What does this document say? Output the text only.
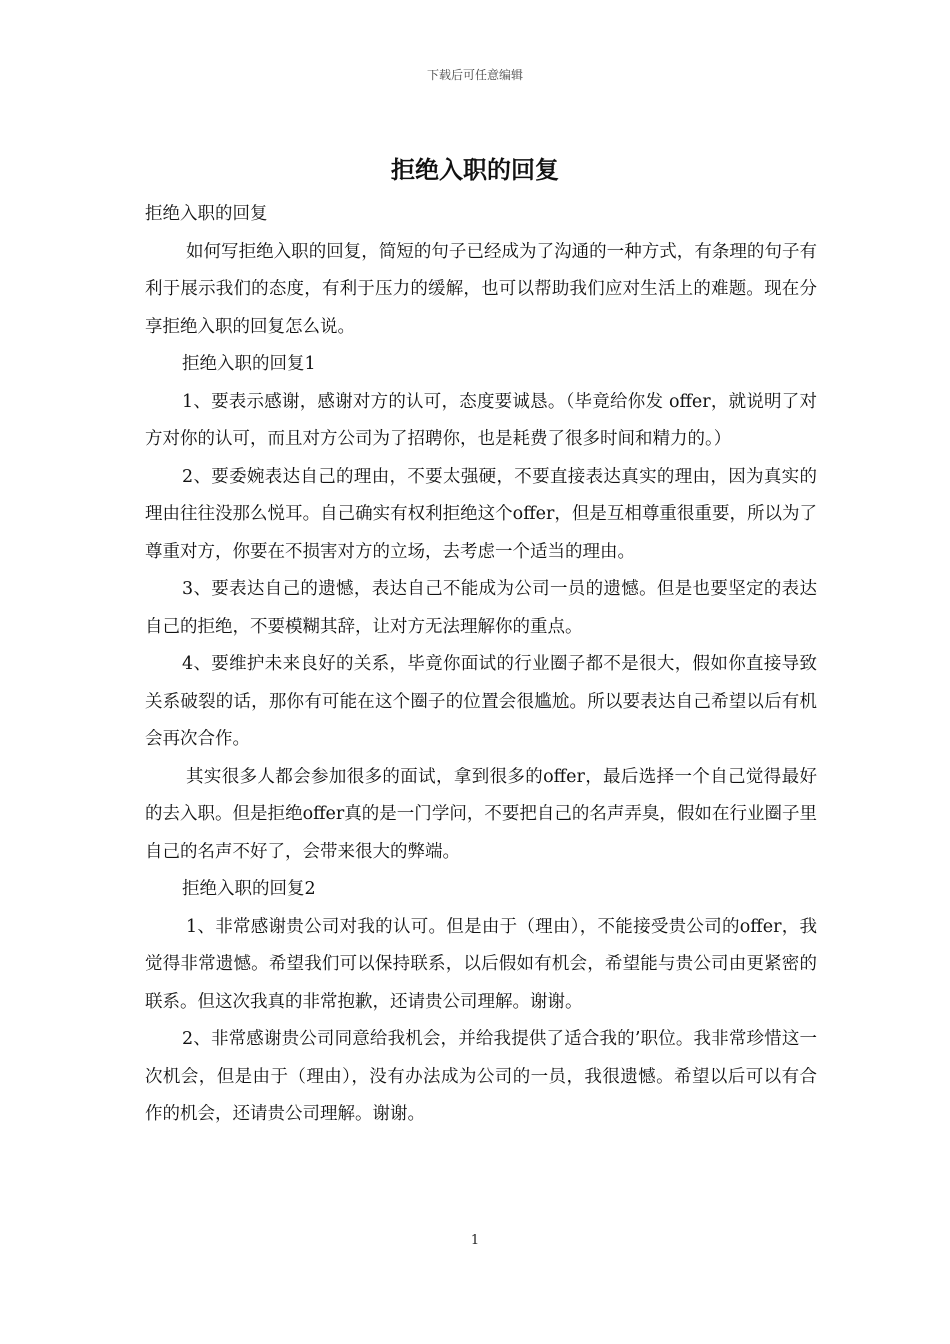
下载后可任意编辑
拒绝入职的回复

拒绝入职的回复

如何写拒绝入职的回复，简短的句子已经成为了沟通的一种方式，有条理的句子有利于展示我们的态度，有利于压力的缓解，也可以帮助我们应对生活上的难题。现在分享拒绝入职的回复怎么说。

拒绝入职的回复1

1、要表示感谢，感谢对方的认可，态度要诚恳。（毕竟给你发 offer，就说明了对方对你的认可，而且对方公司为了招聘你，也是耗费了很多时间和精力的。）

2、要委婉表达自己的理由，不要太强硬，不要直接表达真实的理由，因为真实的理由往往没那么悦耳。自己确实有权利拒绝这个offer，但是互相尊重很重要，所以为了尊重对方，你要在不损害对方的立场，去考虑一个适当的理由。

3、要表达自己的遗憾，表达自己不能成为公司一员的遗憾。但是也要坚定的表达自己的拒绝，不要模糊其辞，让对方无法理解你的重点。

4、要维护未来良好的关系，毕竟你面试的行业圈子都不是很大，假如你直接导致关系破裂的话，那你有可能在这个圈子的位置会很尴尬。所以要表达自己希望以后有机会再次合作。

其实很多人都会参加很多的面试，拿到很多的offer，最后选择一个自己觉得最好的去入职。但是拒绝offer真的是一门学问，不要把自己的名声弄臭，假如在行业圈子里自己的名声不好了，会带来很大的弊端。

拒绝入职的回复2

1、非常感谢贵公司对我的认可。但是由于（理由），不能接受贵公司的offer，我觉得非常遗憾。希望我们可以保持联系，以后假如有机会，希望能与贵公司由更紧密的联系。但这次我真的非常抱歉，还请贵公司理解。谢谢。

2、非常感谢贵公司同意给我机会，并给我提供了适合我的’职位。我非常珍惜这一次机会，但是由于（理由），没有办法成为公司的一员，我很遗憾。希望以后可以有合作的机会，还请贵公司理解。谢谢。

1
